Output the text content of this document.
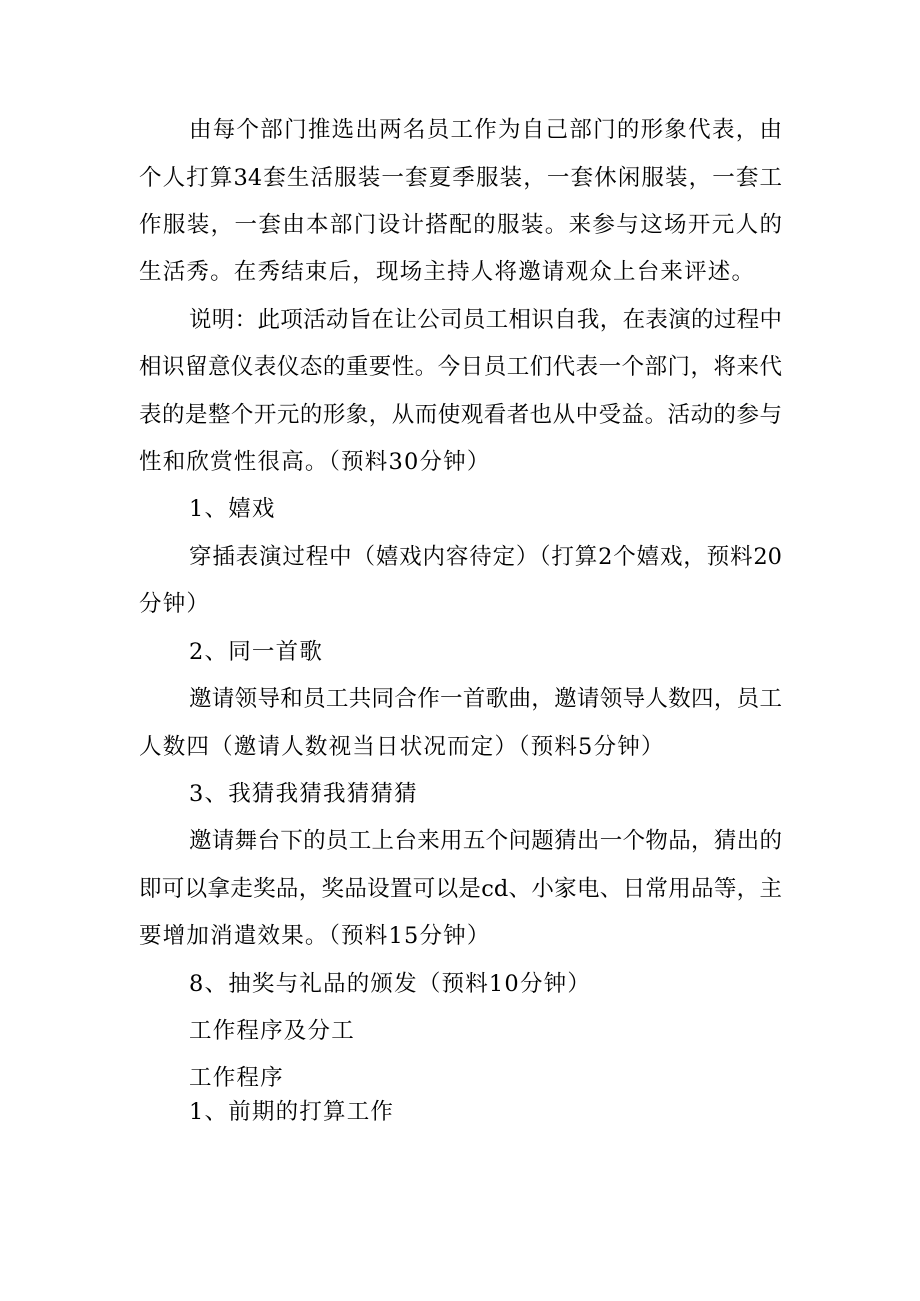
由每个部门推选出两名员工作为自己部门的形象代表，由
个人打算34套生活服装一套夏季服装，一套休闲服装，一套工
作服装，一套由本部门设计搭配的服装。来参与这场开元人的
生活秀。在秀结束后，现场主持人将邀请观众上台来评述。
说明：此项活动旨在让公司员工相识自我，在表演的过程中
相识留意仪表仪态的重要性。今日员工们代表一个部门，将来代
表的是整个开元的形象，从而使观看者也从中受益。活动的参与
性和欣赏性很高。（预料30分钟）
1、嬉戏
穿插表演过程中（嬉戏内容待定）（打算2个嬉戏，预料20
分钟）
2、同一首歌
邀请领导和员工共同合作一首歌曲，邀请领导人数四，员工
人数四（邀请人数视当日状况而定）（预料5分钟）
3、我猜我猜我猜猜猜
邀请舞台下的员工上台来用五个问题猜出一个物品，猜出的
即可以拿走奖品，奖品设置可以是cd、小家电、日常用品等，主
要增加消遣效果。（预料15分钟）
8、抽奖与礼品的颁发（预料10分钟）
工作程序及分工
工作程序
1、前期的打算工作
